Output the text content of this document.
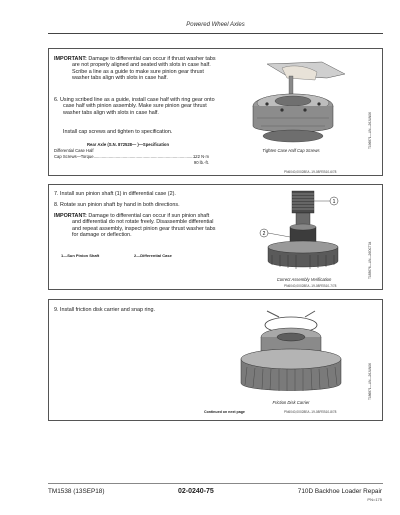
Powered Wheel Axles
IMPORTANT: Damage to differential can occur if thrust washer tabs are not properly aligned and seated with slots in case half. Scribe a line as a guide to make sure pinion gear thrust washer tabs align with slots in case half.
6. Using scribed line as a guide, install case half with ring gear onto case half with pinion assembly. Make sure pinion gear thrust washer tabs align with slots in case half.
Install cap screws and tighten to specification.
Rear Axle (S.N. 872528— )—Specification
Differential Case Half
Cap Screws—Torque........................................................................................
122 N·m
90 lb.-ft.
Tighten Case Half Cap Screws
T196871—UN—26JUN06
PN6040,00028EA -19-08FEB10-6/78
7. Install sun pinion shaft (1) in differential case (2).
8. Rotate sun pinion shaft by hand in both directions.
IMPORTANT: Damage to differential can occur if sun pinion shaft and differential do not rotate freely. Disassemble differential and repeat assembly, inspect pinion gear thrust washer tabs for damage or deflection.
1—Sun Pinion Shaft	2—Differential Case
1
2
Correct Assembly Verification
T183676—UN—26OCT04
PN6040,00028EA -19-08FEB10-7/78
9. Install friction disk carrier and snap ring.
Friction Disk Carrier
Continued on next page
T186871—UN—26JUN06
PN6040,00028EA -19-08FEB10-8/78
TM1538 (13SEP18)	02-0240-75	710D Backhoe Loader Repair
PN=175
